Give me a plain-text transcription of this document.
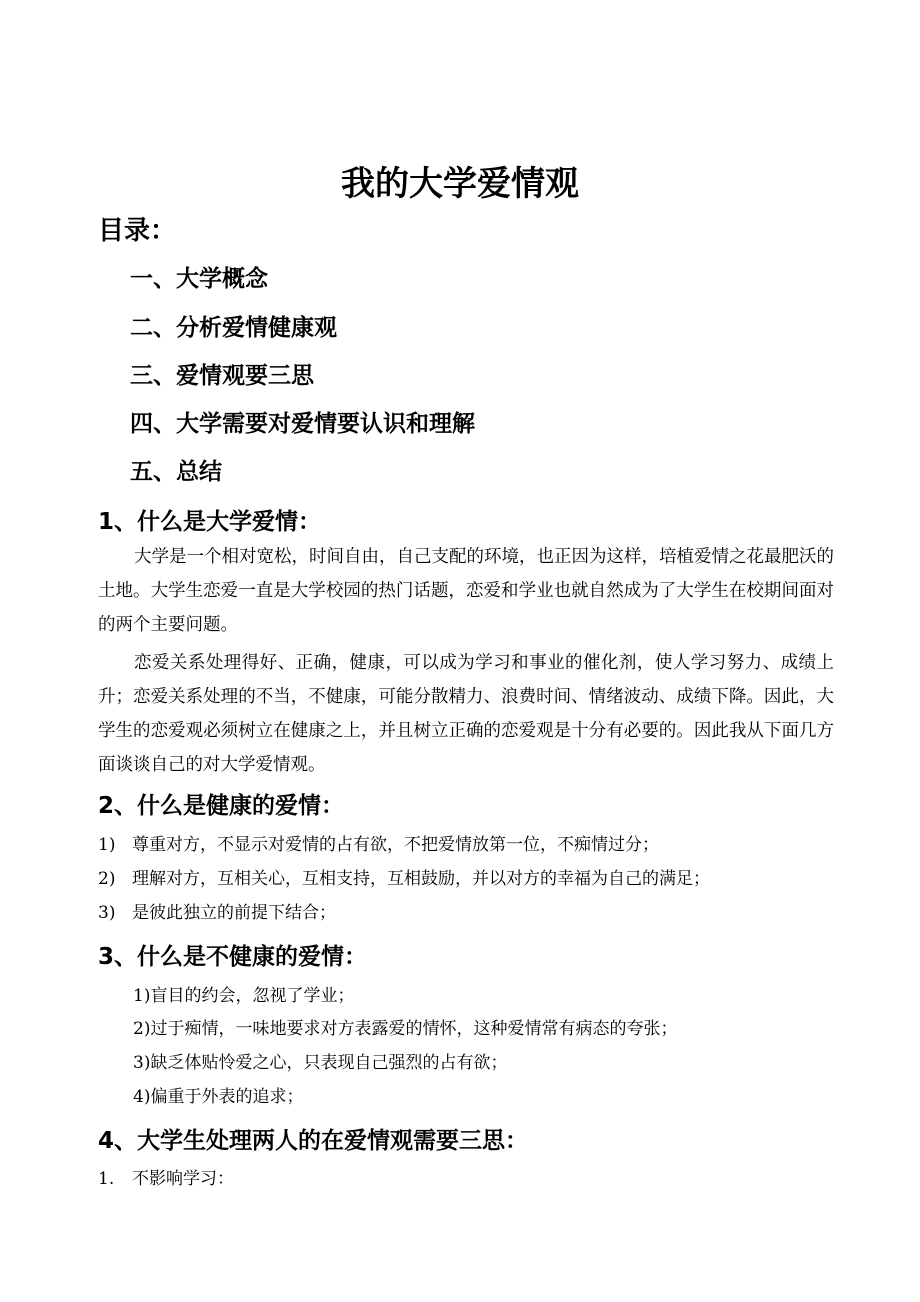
我的大学爱情观
目录：
一、大学概念
二、分析爱情健康观
三、爱情观要三思
四、大学需要对爱情要认识和理解
五、总结
1、什么是大学爱情：

大学是一个相对宽松，时间自由，自己支配的环境，也正因为这样，培植爱情之花最肥沃的土地。大学生恋爱一直是大学校园的热门话题，恋爱和学业也就自然成为了大学生在校期间面对的两个主要问题。

恋爱关系处理得好、正确，健康，可以成为学习和事业的催化剂，使人学习努力、成绩上升；恋爱关系处理的不当，不健康，可能分散精力、浪费时间、情绪波动、成绩下降。因此，大学生的恋爱观必须树立在健康之上，并且树立正确的恋爱观是十分有必要的。因此我从下面几方面谈谈自己的对大学爱情观。

2、什么是健康的爱情：
1) 尊重对方，不显示对爱情的占有欲，不把爱情放第一位，不痴情过分；
2) 理解对方，互相关心，互相支持，互相鼓励，并以对方的幸福为自己的满足；
3) 是彼此独立的前提下结合；
3、什么是不健康的爱情：
1)盲目的约会，忽视了学业；
2)过于痴情，一味地要求对方表露爱的情怀，这种爱情常有病态的夸张；
3)缺乏体贴怜爱之心，只表现自己强烈的占有欲；
4)偏重于外表的追求；
4、大学生处理两人的在爱情观需要三思：
1. 不影响学习：
